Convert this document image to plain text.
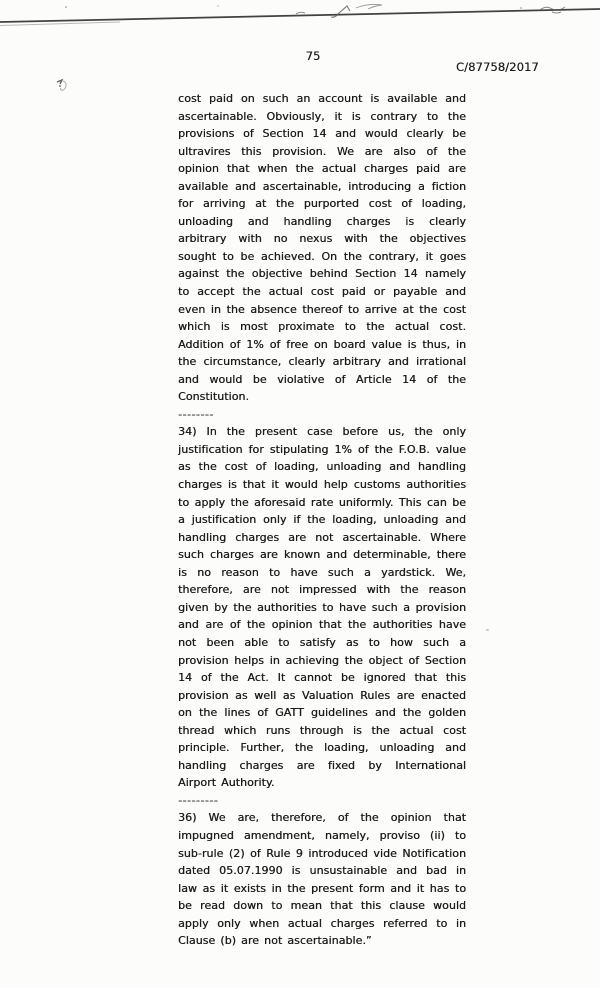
75
C/87758/2017

cost paid on such an account is available and ascertainable. Obviously, it is contrary to the provisions of Section 14 and would clearly be ultravires this provision. We are also of the opinion that when the actual charges paid are available and ascertainable, introducing a fiction for arriving at the purported cost of loading, unloading and handling charges is clearly arbitrary with no nexus with the objectives sought to be achieved. On the contrary, it goes against the objective behind Section 14 namely to accept the actual cost paid or payable and even in the absence thereof to arrive at the cost which is most proximate to the actual cost. Addition of 1% of free on board value is thus, in the circumstance, clearly arbitrary and irrational and would be violative of Article 14 of the Constitution.

--------

34) In the present case before us, the only justification for stipulating 1% of the F.O.B. value as the cost of loading, unloading and handling charges is that it would help customs authorities to apply the aforesaid rate uniformly. This can be a justification only if the loading, unloading and handling charges are not ascertainable. Where such charges are known and determinable, there is no reason to have such a yardstick. We, therefore, are not impressed with the reason given by the authorities to have such a provision and are of the opinion that the authorities have not been able to satisfy as to how such a provision helps in achieving the object of Section 14 of the Act. It cannot be ignored that this provision as well as Valuation Rules are enacted on the lines of GATT guidelines and the golden thread which runs through is the actual cost principle. Further, the loading, unloading and handling charges are fixed by International Airport Authority.

---------

36) We are, therefore, of the opinion that impugned amendment, namely, proviso (ii) to sub-rule (2) of Rule 9 introduced vide Notification dated 05.07.1990 is unsustainable and bad in law as it exists in the present form and it has to be read down to mean that this clause would apply only when actual charges referred to in Clause (b) are not ascertainable.”
